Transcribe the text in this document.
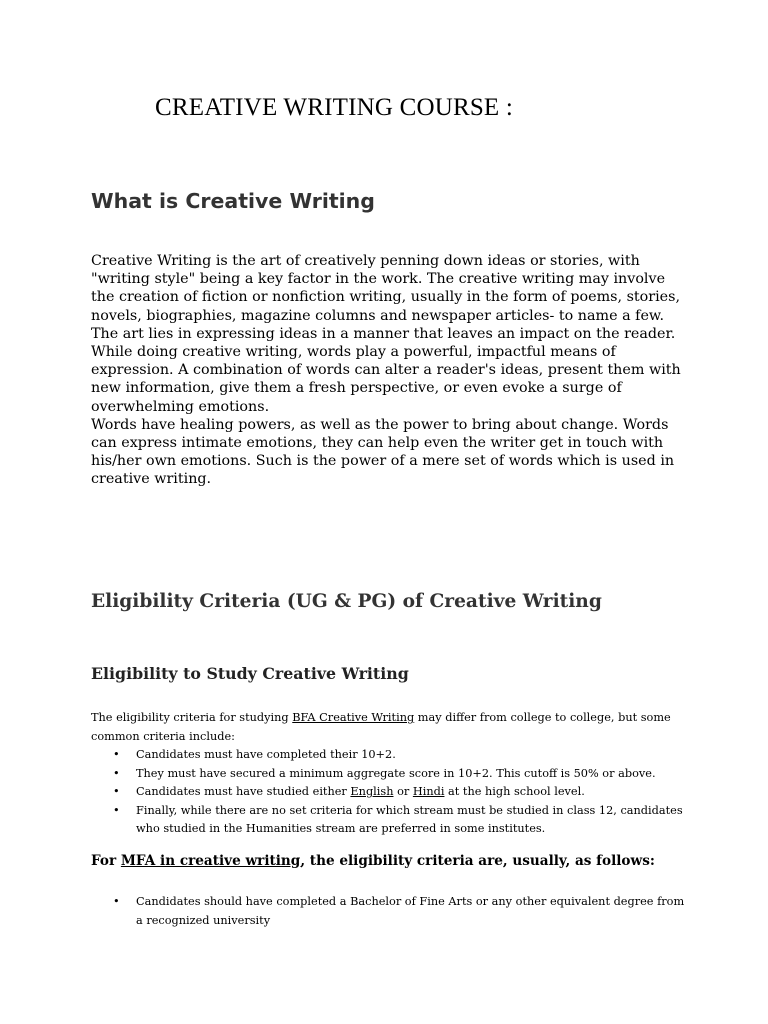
CREATIVE WRITING COURSE :
What is Creative Writing

Creative Writing is the art of creatively penning down ideas or stories, with "writing style" being a key factor in the work. The creative writing may involve the creation of fiction or nonfiction writing, usually in the form of poems, stories, novels, biographies, magazine columns and newspaper articles- to name a few. The art lies in expressing ideas in a manner that leaves an impact on the reader.

While doing creative writing, words play a powerful, impactful means of expression. A combination of words can alter a reader's ideas, present them with new information, give them a fresh perspective, or even evoke a surge of overwhelming emotions.

Words have healing powers, as well as the power to bring about change. Words can express intimate emotions, they can help even the writer get in touch with his/her own emotions. Such is the power of a mere set of words which is used in creative writing.

Eligibility Criteria (UG & PG) of Creative Writing
Eligibility to Study Creative Writing

The eligibility criteria for studying BFA Creative Writing may differ from college to college, but some common criteria include:

• Candidates must have completed their 10+2.
• They must have secured a minimum aggregate score in 10+2. This cutoff is 50% or above.
• Candidates must have studied either English or Hindi at the high school level.
• Finally, while there are no set criteria for which stream must be studied in class 12, candidates who studied in the Humanities stream are preferred in some institutes.

For MFA in creative writing, the eligibility criteria are, usually, as follows:

• Candidates should have completed a Bachelor of Fine Arts or any other equivalent degree from a recognized university
